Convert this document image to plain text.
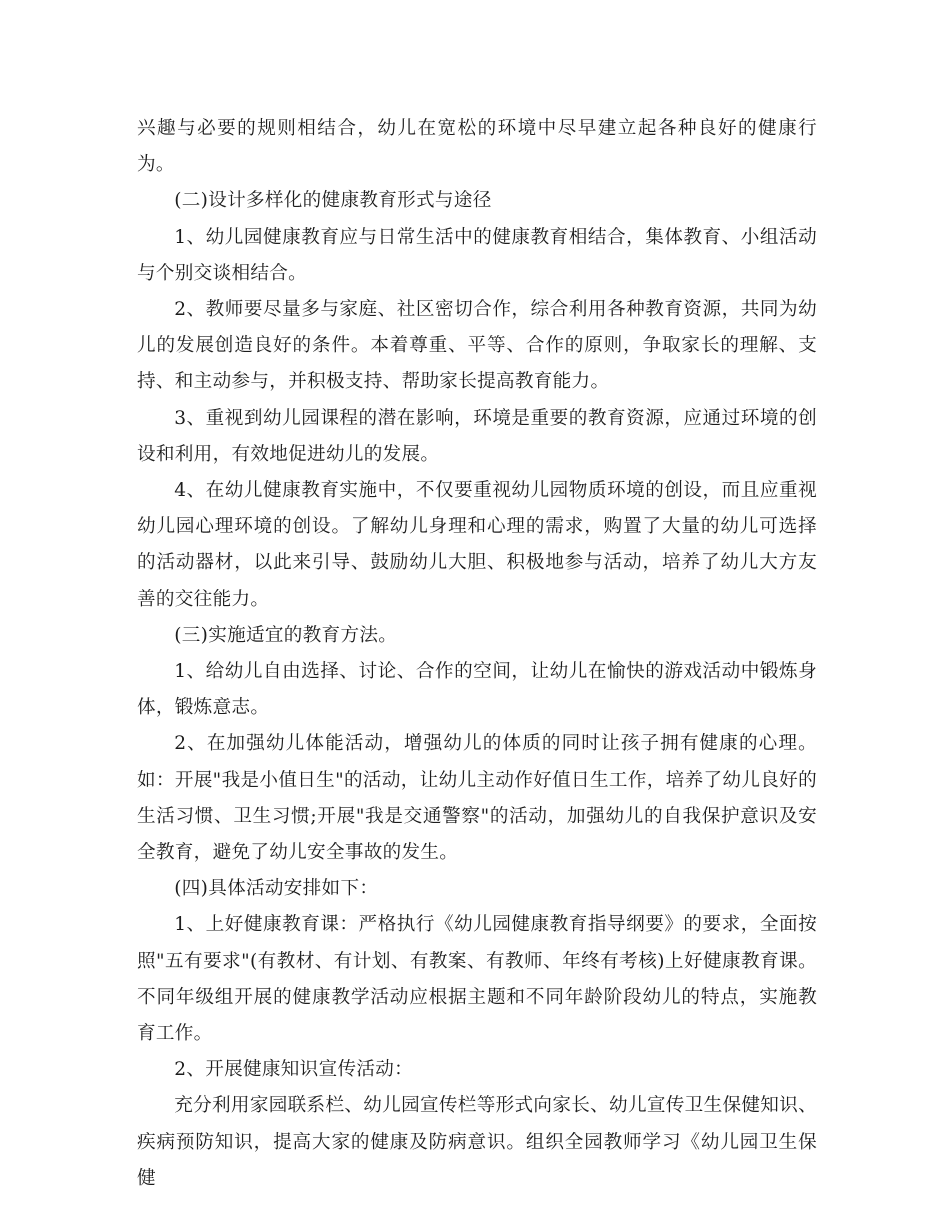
兴趣与必要的规则相结合，幼儿在宽松的环境中尽早建立起各种良好的健康行为。

(二)设计多样化的健康教育形式与途径

1、幼儿园健康教育应与日常生活中的健康教育相结合，集体教育、小组活动与个别交谈相结合。

2、教师要尽量多与家庭、社区密切合作，综合利用各种教育资源，共同为幼儿的发展创造良好的条件。本着尊重、平等、合作的原则，争取家长的理解、支持、和主动参与，并积极支持、帮助家长提高教育能力。

3、重视到幼儿园课程的潜在影响，环境是重要的教育资源，应通过环境的创设和利用，有效地促进幼儿的发展。

4、在幼儿健康教育实施中，不仅要重视幼儿园物质环境的创设，而且应重视幼儿园心理环境的创设。了解幼儿身理和心理的需求，购置了大量的幼儿可选择的活动器材，以此来引导、鼓励幼儿大胆、积极地参与活动，培养了幼儿大方友善的交往能力。

(三)实施适宜的教育方法。

1、给幼儿自由选择、讨论、合作的空间，让幼儿在愉快的游戏活动中锻炼身体，锻炼意志。

2、在加强幼儿体能活动，增强幼儿的体质的同时让孩子拥有健康的心理。如：开展"我是小值日生"的活动，让幼儿主动作好值日生工作，培养了幼儿良好的生活习惯、卫生习惯;开展"我是交通警察"的活动，加强幼儿的自我保护意识及安全教育，避免了幼儿安全事故的发生。

(四)具体活动安排如下：

1、上好健康教育课：严格执行《幼儿园健康教育指导纲要》的要求，全面按照"五有要求"(有教材、有计划、有教案、有教师、年终有考核)上好健康教育课。不同年级组开展的健康教学活动应根据主题和不同年龄阶段幼儿的特点，实施教育工作。

2、开展健康知识宣传活动：

充分利用家园联系栏、幼儿园宣传栏等形式向家长、幼儿宣传卫生保健知识、疾病预防知识，提高大家的健康及防病意识。组织全园教师学习《幼儿园卫生保健
